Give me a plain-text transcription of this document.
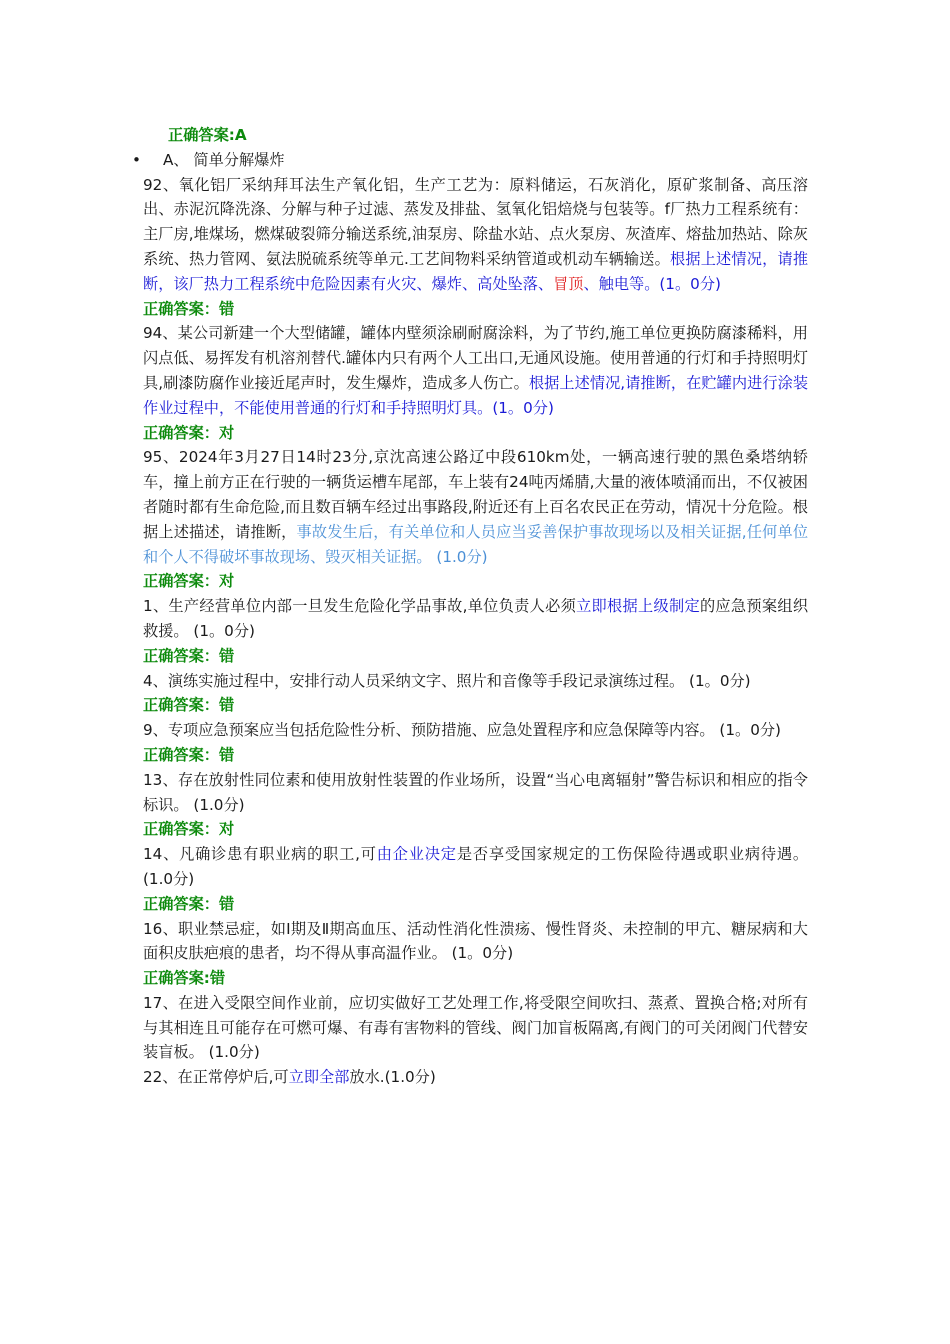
正确答案:A
• A、 简单分解爆炸
92、氧化铝厂采纳拜耳法生产氧化铝，生产工艺为：原料储运，石灰消化，原矿浆制备、高压溶出、赤泥沉降洗涤、分解与种子过滤、蒸发及排盐、氢氧化铝焙烧与包装等。f厂热力工程系统有：主厂房,堆煤场，燃煤破裂筛分输送系统,油泵房、除盐水站、点火泵房、灰渣库、熔盐加热站、除灰系统、热力管网、氨法脱硫系统等单元.工艺间物料采纳管道或机动车辆输送。根据上述情况，请推断，该厂热力工程系统中危险因素有火灾、爆炸、高处坠落、冒顶、触电等。(1。0分)
正确答案：错
94、某公司新建一个大型储罐，罐体内壁须涂刷耐腐涂料，为了节约,施工单位更换防腐漆稀料，用闪点低、易挥发有机溶剂替代.罐体内只有两个人工出口,无通风设施。使用普通的行灯和手持照明灯具,刷漆防腐作业接近尾声时，发生爆炸，造成多人伤亡。根据上述情况,请推断，在贮罐内进行涂装作业过程中，不能使用普通的行灯和手持照明灯具。(1。0分)
正确答案：对
95、2024年3月27日14时23分,京沈高速公路辽中段610km处，一辆高速行驶的黑色桑塔纳轿车，撞上前方正在行驶的一辆货运槽车尾部，车上装有24吨丙烯腈,大量的液体喷涌而出，不仅被困者随时都有生命危险,而且数百辆车经过出事路段,附近还有上百名农民正在劳动，情况十分危险。根据上述描述，请推断，事故发生后，有关单位和人员应当妥善保护事故现场以及相关证据,任何单位和个人不得破坏事故现场、毁灭相关证据。 (1.0分)
正确答案：对
1、生产经营单位内部一旦发生危险化学品事故,单位负责人必须立即根据上级制定的应急预案组织救援。 (1。0分)
正确答案：错
4、演练实施过程中，安排行动人员采纳文字、照片和音像等手段记录演练过程。 (1。0分)
正确答案：错
9、专项应急预案应当包括危险性分析、预防措施、应急处置程序和应急保障等内容。 (1。0分)
正确答案：错
13、存在放射性同位素和使用放射性装置的作业场所，设置“当心电离辐射”警告标识和相应的指令标识。 (1.0分)
正确答案：对
14、凡确诊患有职业病的职工,可由企业决定是否享受国家规定的工伤保险待遇或职业病待遇。 (1.0分)
正确答案：错
16、职业禁忌症，如Ⅰ期及Ⅱ期高血压、活动性消化性溃疡、慢性肾炎、未控制的甲亢、糖尿病和大面积皮肤疤痕的患者，均不得从事高温作业。 (1。0分)
正确答案:错
17、在进入受限空间作业前，应切实做好工艺处理工作,将受限空间吹扫、蒸煮、置换合格;对所有与其相连且可能存在可燃可爆、有毒有害物料的管线、阀门加盲板隔离,有阀门的可关闭阀门代替安装盲板。 (1.0分)
22、在正常停炉后,可立即全部放水.(1.0分)
